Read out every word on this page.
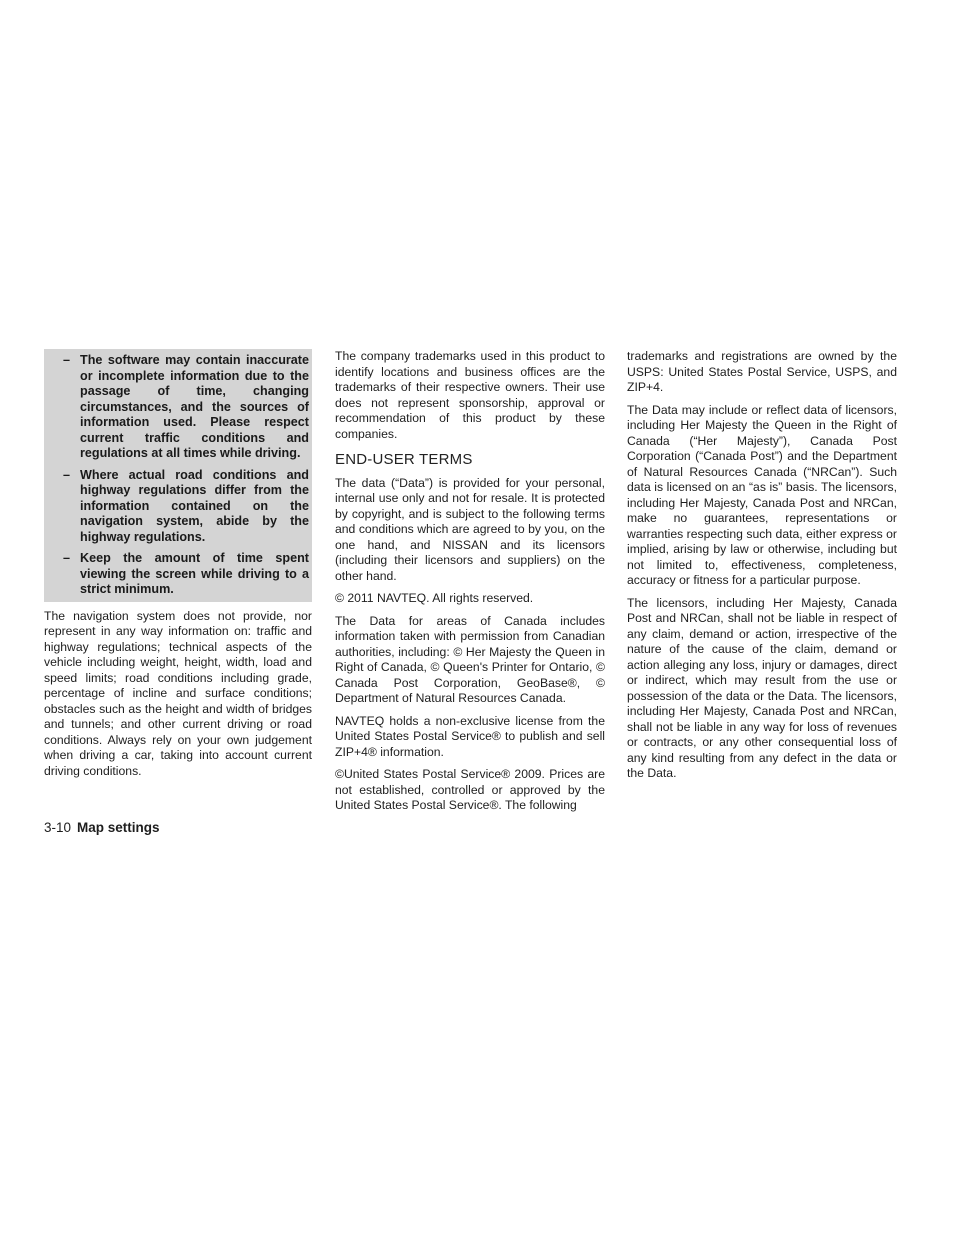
– The software may contain inaccurate or incomplete information due to the passage of time, changing circumstances, and the sources of information used. Please respect current traffic conditions and regulations at all times while driving.
– Where actual road conditions and highway regulations differ from the information contained on the navigation system, abide by the highway regulations.
– Keep the amount of time spent viewing the screen while driving to a strict minimum.

The navigation system does not provide, nor represent in any way information on: traffic and highway regulations; technical aspects of the vehicle including weight, height, width, load and speed limits; road conditions including grade, percentage of incline and surface conditions; obstacles such as the height and width of bridges and tunnels; and other current driving or road conditions. Always rely on your own judgement when driving a car, taking into account current driving conditions.

The company trademarks used in this product to identify locations and business offices are the trademarks of their respective owners. Their use does not represent sponsorship, approval or recommendation of this product by these companies.

END-USER TERMS

The data (“Data”) is provided for your personal, internal use only and not for resale. It is protected by copyright, and is subject to the following terms and conditions which are agreed to by you, on the one hand, and NISSAN and its licensors (including their licensors and suppliers) on the other hand.

© 2011 NAVTEQ. All rights reserved.

The Data for areas of Canada includes information taken with permission from Canadian authorities, including: © Her Majesty the Queen in Right of Canada, © Queen's Printer for Ontario, © Canada Post Corporation, GeoBase®, © Department of Natural Resources Canada.

NAVTEQ holds a non-exclusive license from the United States Postal Service® to publish and sell ZIP+4® information.

©United States Postal Service® 2009. Prices are not established, controlled or approved by the United States Postal Service®. The following

trademarks and registrations are owned by the USPS: United States Postal Service, USPS, and ZIP+4.

The Data may include or reflect data of licensors, including Her Majesty the Queen in the Right of Canada (“Her Majesty”), Canada Post Corporation (“Canada Post”) and the Department of Natural Resources Canada (“NRCan”). Such data is licensed on an “as is” basis. The licensors, including Her Majesty, Canada Post and NRCan, make no guarantees, representations or warranties respecting such data, either express or implied, arising by law or otherwise, including but not limited to, effectiveness, completeness, accuracy or fitness for a particular purpose.

The licensors, including Her Majesty, Canada Post and NRCan, shall not be liable in respect of any claim, demand or action, irrespective of the nature of the cause of the claim, demand or action alleging any loss, injury or damages, direct or indirect, which may result from the use or possession of the data or the Data. The licensors, including Her Majesty, Canada Post and NRCan, shall not be liable in any way for loss of revenues or contracts, or any other consequential loss of any kind resulting from any defect in the data or the Data.

3-10 Map settings
